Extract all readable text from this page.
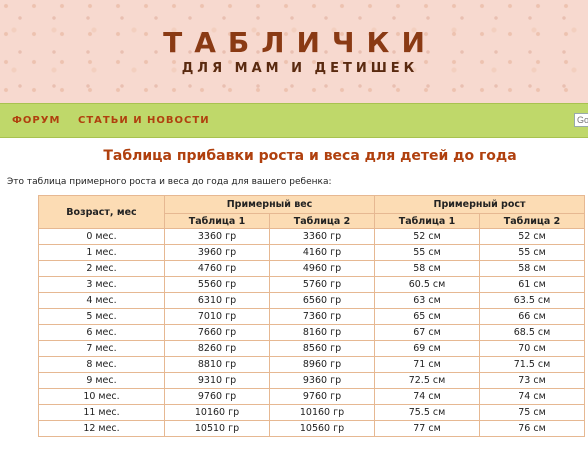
ТАБЛИЧКИ
ДЛЯ МАМ И ДЕТИШЕК
ФОРУМ СТАТЬИ И НОВОСТИ
Go
Таблица прибавки роста и веса для детей до года
Это таблица примерного роста и веса до года для вашего ребенка:
Возраст, мес	Примерный вес		Примерный рост	
	Таблица 1	Таблица 2	Таблица 1	Таблица 2
0 мес.	3360 гр	3360 гр	52 см	52 см
1 мес.	3960 гр	4160 гр	55 см	55 см
2 мес.	4760 гр	4960 гр	58 см	58 см
3 мес.	5560 гр	5760 гр	60.5 см	61 см
4 мес.	6310 гр	6560 гр	63 см	63.5 см
5 мес.	7010 гр	7360 гр	65 см	66 см
6 мес.	7660 гр	8160 гр	67 см	68.5 см
7 мес.	8260 гр	8560 гр	69 см	70 см
8 мес.	8810 гр	8960 гр	71 см	71.5 см
9 мес.	9310 гр	9360 гр	72.5 см	73 см
10 мес.	9760 гр	9760 гр	74 см	74 см
11 мес.	10160 гр	10160 гр	75.5 см	75 см
12 мес.	10510 гр	10560 гр	77 см	76 см
